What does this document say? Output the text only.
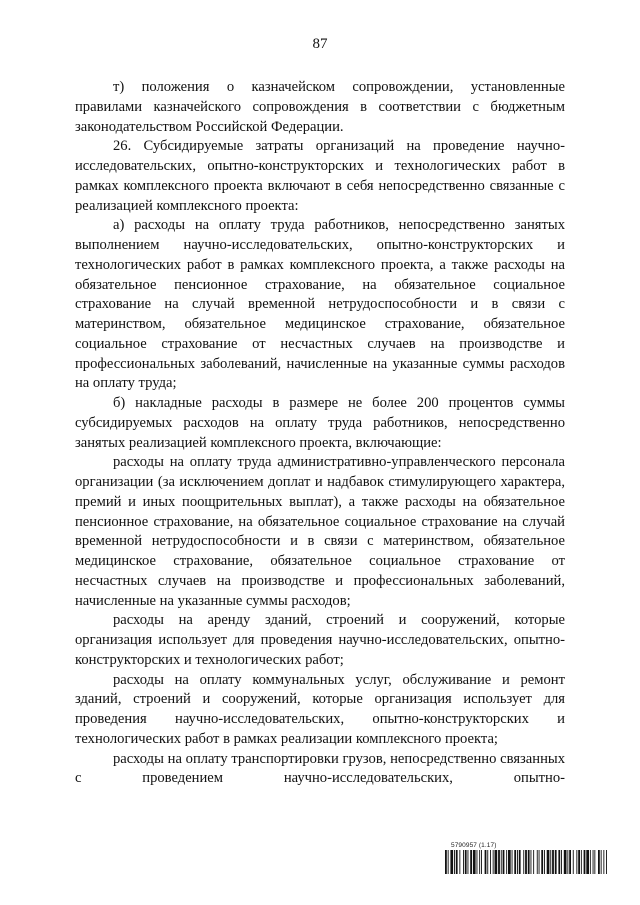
87

т) положения о казначейском сопровождении, установленные правилами казначейского сопровождения в соответствии с бюджетным законодательством Российской Федерации.

26. Субсидируемые затраты организаций на проведение научно-исследовательских, опытно-конструкторских и технологических работ в рамках комплексного проекта включают в себя непосредственно связанные с реализацией комплексного проекта:

а) расходы на оплату труда работников, непосредственно занятых выполнением научно-исследовательских, опытно-конструкторских и технологических работ в рамках комплексного проекта, а также расходы на обязательное пенсионное страхование, на обязательное социальное страхование на случай временной нетрудоспособности и в связи с материнством, обязательное медицинское страхование, обязательное социальное страхование от несчастных случаев на производстве и профессиональных заболеваний, начисленные на указанные суммы расходов на оплату труда;

б) накладные расходы в размере не более 200 процентов суммы субсидируемых расходов на оплату труда работников, непосредственно занятых реализацией комплексного проекта, включающие:

расходы на оплату труда административно-управленческого персонала организации (за исключением доплат и надбавок стимулирующего характера, премий и иных поощрительных выплат), а также расходы на обязательное пенсионное страхование, на обязательное социальное страхование на случай временной нетрудоспособности и в связи с материнством, обязательное медицинское страхование, обязательное социальное страхование от несчастных случаев на производстве и профессиональных заболеваний, начисленные на указанные суммы расходов;

расходы на аренду зданий, строений и сооружений, которые организация использует для проведения научно-исследовательских, опытно-конструкторских и технологических работ;

расходы на оплату коммунальных услуг, обслуживание и ремонт зданий, строений и сооружений, которые организация использует для проведения научно-исследовательских, опытно-конструкторских и технологических работ в рамках реализации комплексного проекта;

расходы на оплату транспортировки грузов, непосредственно связанных с проведением научно-исследовательских, опытно-

5790957 (1.17)
